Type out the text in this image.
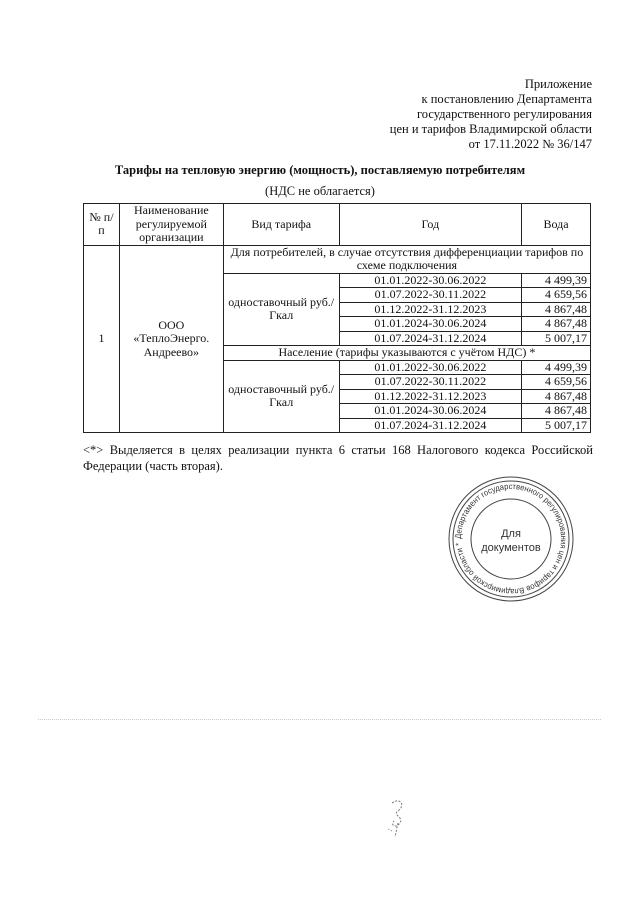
Приложение
к постановлению Департамента
государственного регулирования
цен и тарифов Владимирской области
от 17.11.2022 № 36/147
Тарифы на тепловую энергию (мощность), поставляемую потребителям
(НДС не облагается)
№ п/п	Наименование регулируемой организации	Вид тарифа	Год	Вода
1	ООО «ТеплоЭнерго. Андреево»	Для потребителей, в случае отсутствия дифференциации тарифов по схеме подключения		
		одноставочный руб./Гкал	01.01.2022-30.06.2022	4 499,39
			01.07.2022-30.11.2022	4 659,56
			01.12.2022-31.12.2023	4 867,48
			01.01.2024-30.06.2024	4 867,48
			01.07.2024-31.12.2024	5 007,17
		Население (тарифы указываются с учётом НДС) *		
		одноставочный руб./Гкал	01.01.2022-30.06.2022	4 499,39
			01.07.2022-30.11.2022	4 659,56
			01.12.2022-31.12.2023	4 867,48
			01.01.2024-30.06.2024	4 867,48
			01.07.2024-31.12.2024	5 007,17
<*> Выделяется в целях реализации пункта 6 статьи 168 Налогового кодекса Российской Федерации (часть вторая).
Департамент государственного регулирования цен и тарифов Владимирской области *
Для
документов
